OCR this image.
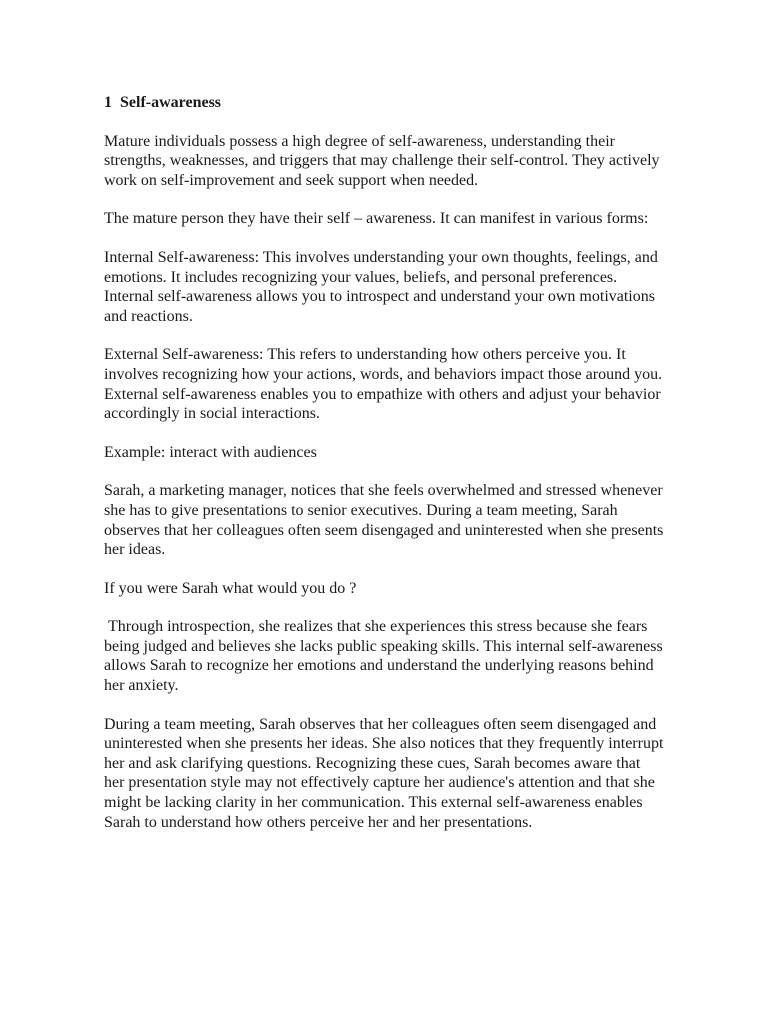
1 Self-awareness

Mature individuals possess a high degree of self-awareness, understanding their strengths, weaknesses, and triggers that may challenge their self-control. They actively work on self-improvement and seek support when needed.

The mature person they have their self – awareness. It can manifest in various forms:

Internal Self-awareness: This involves understanding your own thoughts, feelings, and emotions. It includes recognizing your values, beliefs, and personal preferences. Internal self-awareness allows you to introspect and understand your own motivations and reactions.

External Self-awareness: This refers to understanding how others perceive you. It involves recognizing how your actions, words, and behaviors impact those around you. External self-awareness enables you to empathize with others and adjust your behavior accordingly in social interactions.

Example: interact with audiences

Sarah, a marketing manager, notices that she feels overwhelmed and stressed whenever she has to give presentations to senior executives. During a team meeting, Sarah observes that her colleagues often seem disengaged and uninterested when she presents her ideas.

If you were Sarah what would you do ?

Through introspection, she realizes that she experiences this stress because she fears being judged and believes she lacks public speaking skills. This internal self-awareness allows Sarah to recognize her emotions and understand the underlying reasons behind her anxiety.

During a team meeting, Sarah observes that her colleagues often seem disengaged and uninterested when she presents her ideas. She also notices that they frequently interrupt her and ask clarifying questions. Recognizing these cues, Sarah becomes aware that her presentation style may not effectively capture her audience's attention and that she might be lacking clarity in her communication. This external self-awareness enables Sarah to understand how others perceive her and her presentations.
